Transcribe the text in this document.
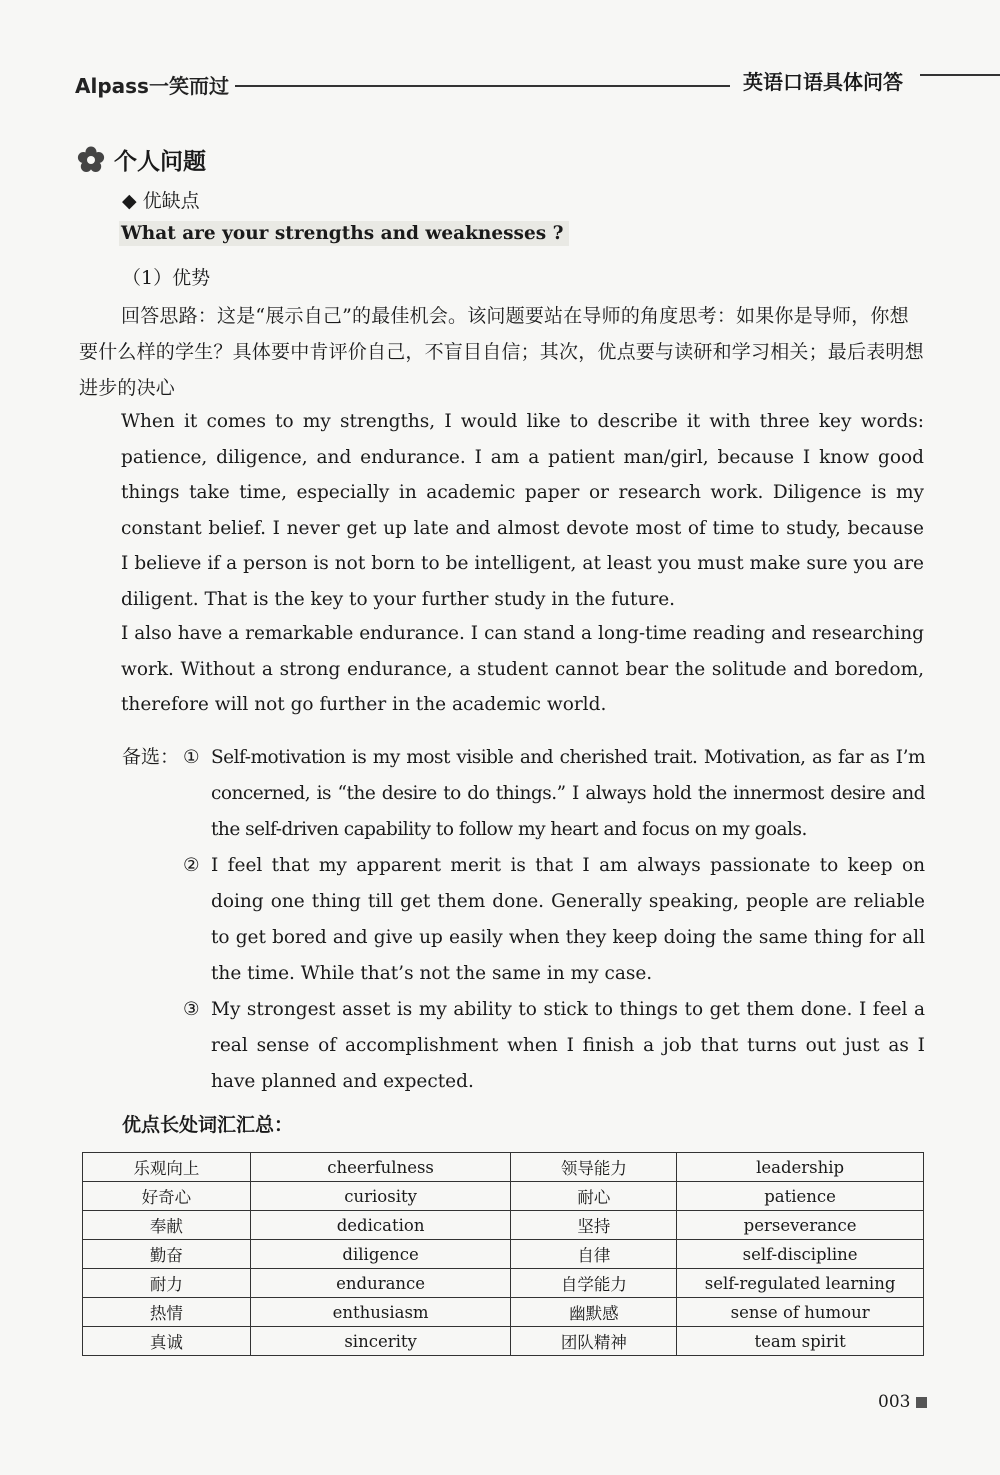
Alpass一笑而过	英语口语具体问答
个人问题
◆ 优缺点
What are your strengths and weaknesses ?
（1）优势
回答思路：这是“展示自己”的最佳机会。该问题要站在导师的角度思考：如果你是导师，你想要什么样的学生？具体要中肯评价自己，不盲目自信；其次，优点要与读研和学习相关；最后表明想进步的决心
When it comes to my strengths, I would like to describe it with three key words: patience, diligence, and endurance. I am a patient man/girl, because I know good things take time, especially in academic paper or research work. Diligence is my constant belief. I never get up late and almost devote most of time to study, because I believe if a person is not born to be intelligent, at least you must make sure you are diligent. That is the key to your further study in the future.
I also have a remarkable endurance. I can stand a long-time reading and researching work. Without a strong endurance, a student cannot bear the solitude and boredom, therefore will not go further in the academic world.
备选： ① Self-motivation is my most visible and cherished trait. Motivation, as far as I’m concerned, is “the desire to do things.” I always hold the innermost desire and the self-driven capability to follow my heart and focus on my goals.
② I feel that my apparent merit is that I am always passionate to keep on doing one thing till get them done. Generally speaking, people are reliable to get bored and give up easily when they keep doing the same thing for all the time. While that’s not the same in my case.
③ My strongest asset is my ability to stick to things to get them done. I feel a real sense of accomplishment when I finish a job that turns out just as I have planned and expected.
优点长处词汇汇总：
乐观向上	cheerfulness	领导能力	leadership
好奇心	curiosity	耐心	patience
奉献	dedication	坚持	perseverance
勤奋	diligence	自律	self-discipline
耐力	endurance	自学能力	self-regulated learning
热情	enthusiasm	幽默感	sense of humour
真诚	sincerity	团队精神	team spirit
003
